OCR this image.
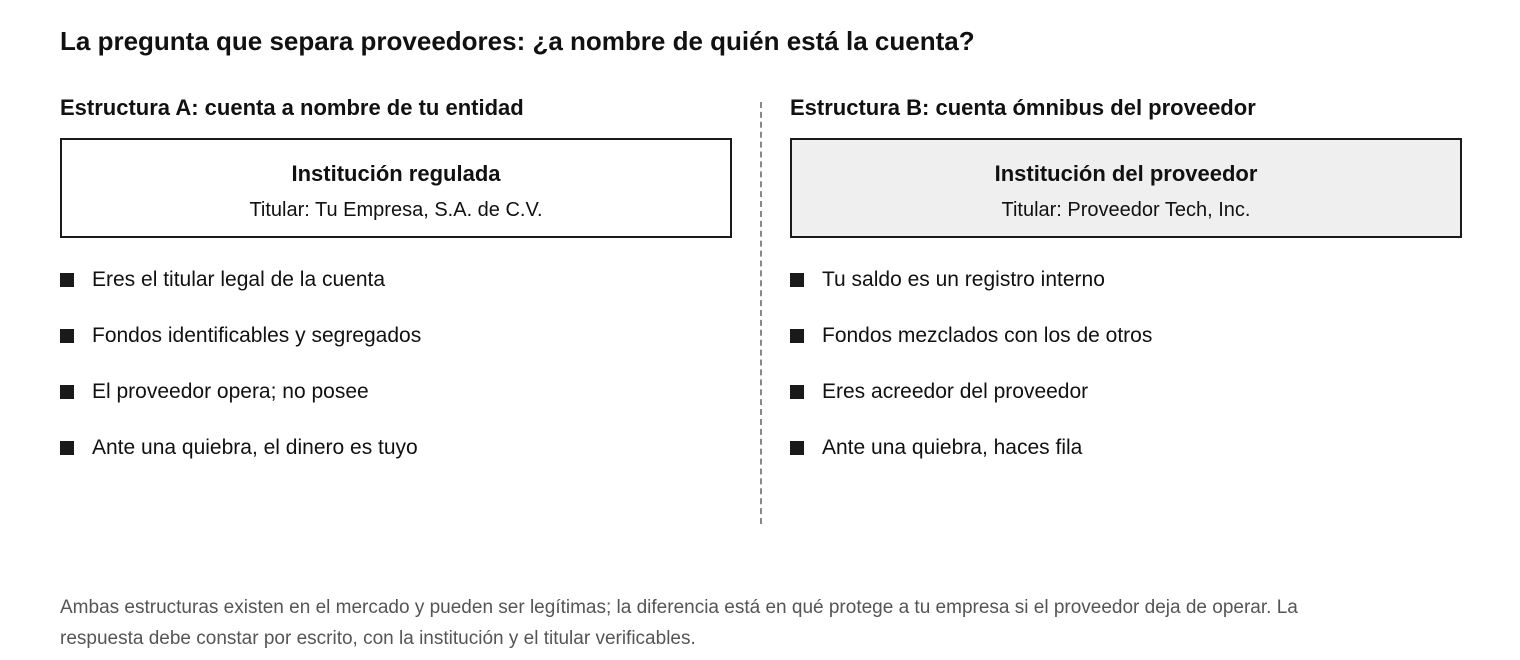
La pregunta que separa proveedores: ¿a nombre de quién está la cuenta?
Estructura A: cuenta a nombre de tu entidad
Institución regulada
Titular: Tu Empresa, S.A. de C.V.
Eres el titular legal de la cuenta
Fondos identificables y segregados
El proveedor opera; no posee
Ante una quiebra, el dinero es tuyo
Estructura B: cuenta ómnibus del proveedor
Institución del proveedor
Titular: Proveedor Tech, Inc.
Tu saldo es un registro interno
Fondos mezclados con los de otros
Eres acreedor del proveedor
Ante una quiebra, haces fila
Ambas estructuras existen en el mercado y pueden ser legítimas; la diferencia está en qué protege a tu empresa si el proveedor deja de operar. La respuesta debe constar por escrito, con la institución y el titular verificables.
